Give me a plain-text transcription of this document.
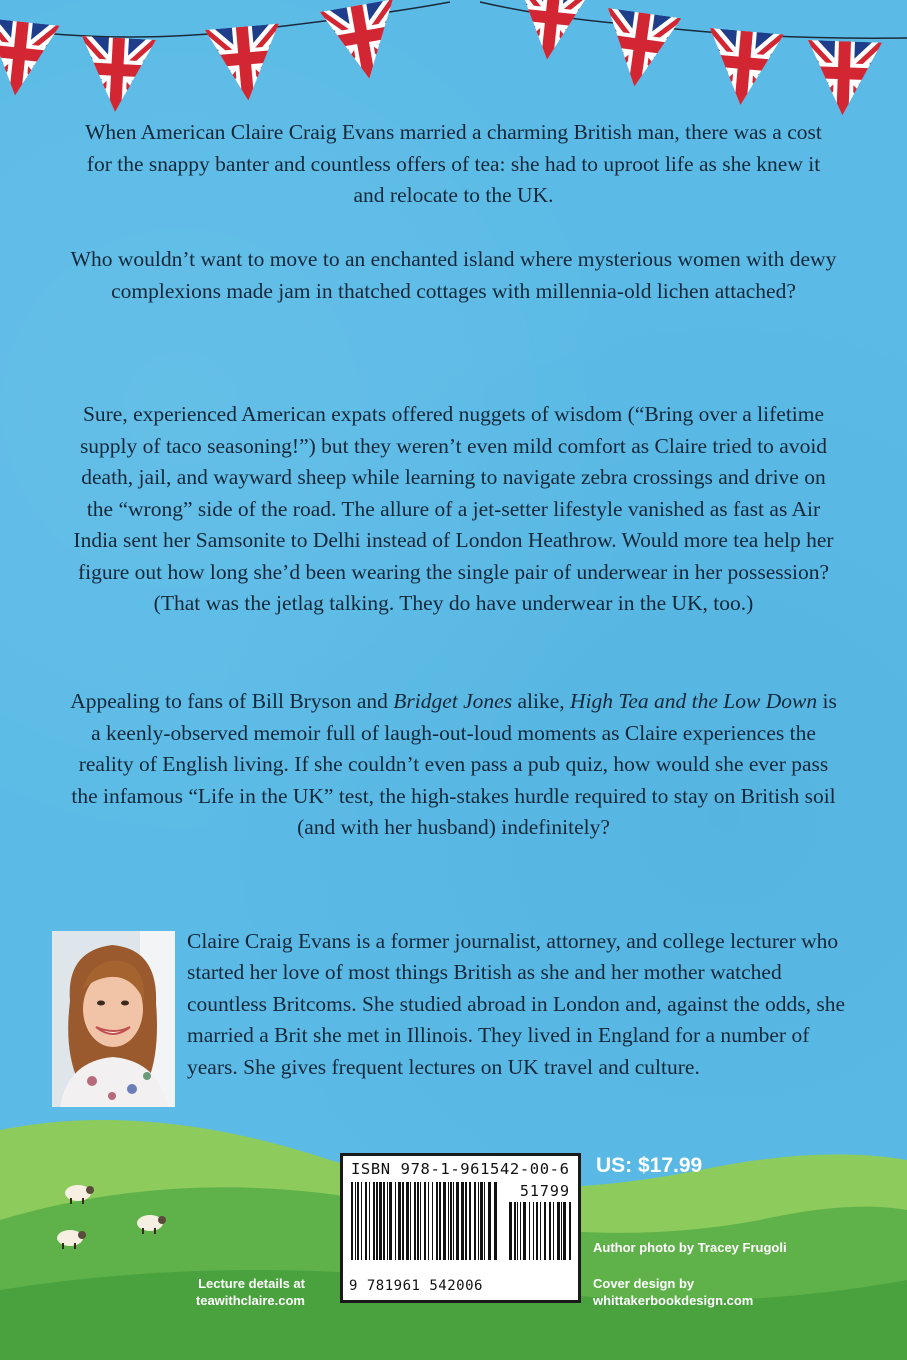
When American Claire Craig Evans married a charming British man, there was a cost for the snappy banter and countless offers of tea: she had to uproot life as she knew it and relocate to the UK.

Who wouldn’t want to move to an enchanted island where mysterious women with dewy complexions made jam in thatched cottages with millennia-old lichen attached?

Sure, experienced American expats offered nuggets of wisdom (“Bring over a lifetime supply of taco seasoning!”) but they weren’t even mild comfort as Claire tried to avoid death, jail, and wayward sheep while learning to navigate zebra crossings and drive on the “wrong” side of the road. The allure of a jet-setter lifestyle vanished as fast as Air India sent her Samsonite to Delhi instead of London Heathrow. Would more tea help her figure out how long she’d been wearing the single pair of underwear in her possession? (That was the jetlag talking. They do have underwear in the UK, too.)

Appealing to fans of Bill Bryson and Bridget Jones alike, High Tea and the Low Down is a keenly-observed memoir full of laugh-out-loud moments as Claire experiences the reality of English living. If she couldn’t even pass a pub quiz, how would she ever pass the infamous “Life in the UK” test, the high-stakes hurdle required to stay on British soil (and with her husband) indefinitely?

Claire Craig Evans is a former journalist, attorney, and college lecturer who started her love of most things British as she and her mother watched countless Britcoms. She studied abroad in London and, against the odds, she married a Brit she met in Illinois. They lived in England for a number of years. She gives frequent lectures on UK travel and culture.

ISBN 978-1-961542-00-6
51799
9 781961 542006

US: $17.99

Author photo by Tracey Frugoli

Cover design by
whittakerbookdesign.com

Lecture details at
teawithclaire.com
